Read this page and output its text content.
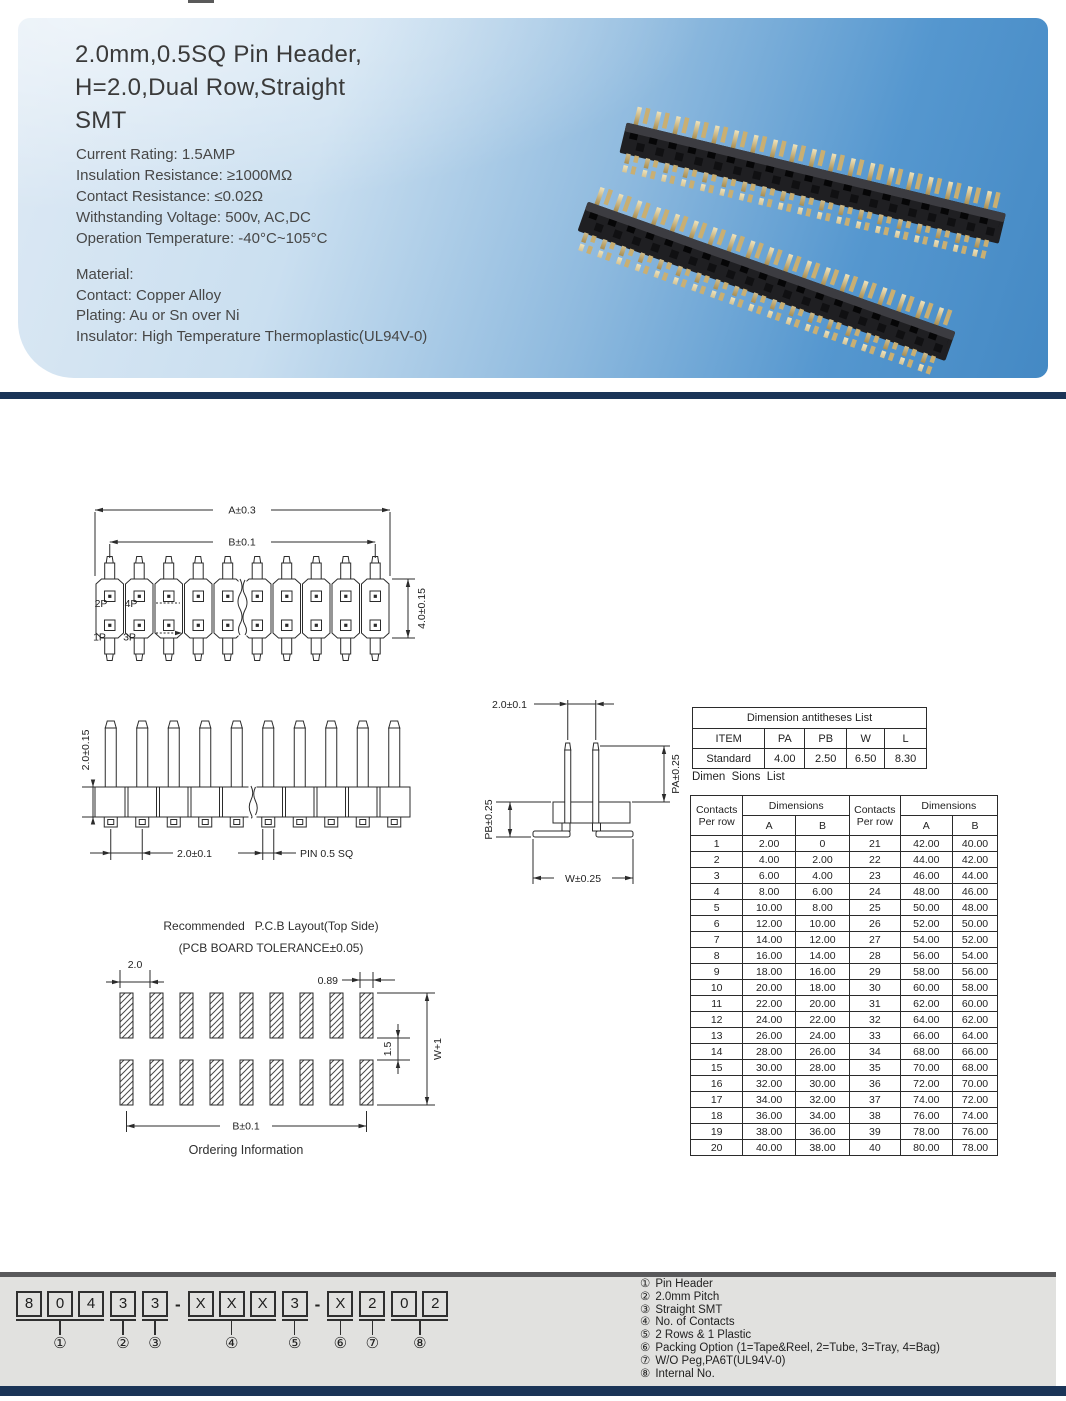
2.0mm,0.5SQ Pin Header,
H=2.0,Dual Row,Straight
SMT
Current Rating: 1.5AMP
Insulation Resistance: ≥1000MΩ
Contact Resistance: ≤0.02Ω
Withstanding Voltage: 500v, AC,DC
Operation Temperature: -40°C~105°C
Material:
Contact: Copper Alloy
Plating: Au or Sn over Ni
Insulator: High Temperature Thermoplastic(UL94V-0)
A±0.3
B±0.1
4.0±0.15
2P
1P
4P
3P
2.0±0.15
2.0±0.1	PIN 0.5 SQ
2.0±0.1
PA±0.25
PB±0.25
W±0.25
Recommended   P.C.B Layout(Top Side)
(PCB BOARD TOLERANCE±0.05)
2.0
0.89
1.5	W+1
B±0.1
Ordering Information
Dimension antitheses List				
ITEM	PA	PB	W	L
Standard	4.00	2.50	6.50	8.30
Dimen  Sions  List
Contacts
Per row
	Dimensions	Contacts
Per row
	Dimensions
	A	B		A	B
1	2.00	0	21	42.00	40.00
2	4.00	2.00	22	44.00	42.00
3	6.00	4.00	23	46.00	44.00
4	8.00	6.00	24	48.00	46.00
5	10.00	8.00	25	50.00	48.00
6	12.00	10.00	26	52.00	50.00
7	14.00	12.00	27	54.00	52.00
8	16.00	14.00	28	56.00	54.00
9	18.00	16.00	29	58.00	56.00
10	20.00	18.00	30	60.00	58.00
11	22.00	20.00	31	62.00	60.00
12	24.00	22.00	32	64.00	62.00
13	26.00	24.00	33	66.00	64.00
14	28.00	26.00	34	68.00	66.00
15	30.00	28.00	35	70.00	68.00
16	32.00	30.00	36	72.00	70.00
17	34.00	32.00	37	74.00	72.00
18	36.00	34.00	38	76.00	74.00
19	38.00	36.00	39	78.00	76.00
20	40.00	38.00	40	80.00	78.00
8	0	4
①
3
②
3
③
- X	X	X
④
3
⑤
- X
⑥
2
⑦
0	2
⑧
① Pin Header
② 2.0mm Pitch
③ Straight SMT
④ No. of Contacts
⑤ 2 Rows & 1 Plastic
⑥ Packing Option (1=Tape&Reel, 2=Tube, 3=Tray, 4=Bag)
⑦ W/O Peg,PA6T(UL94V-0)
⑧ Internal No.
